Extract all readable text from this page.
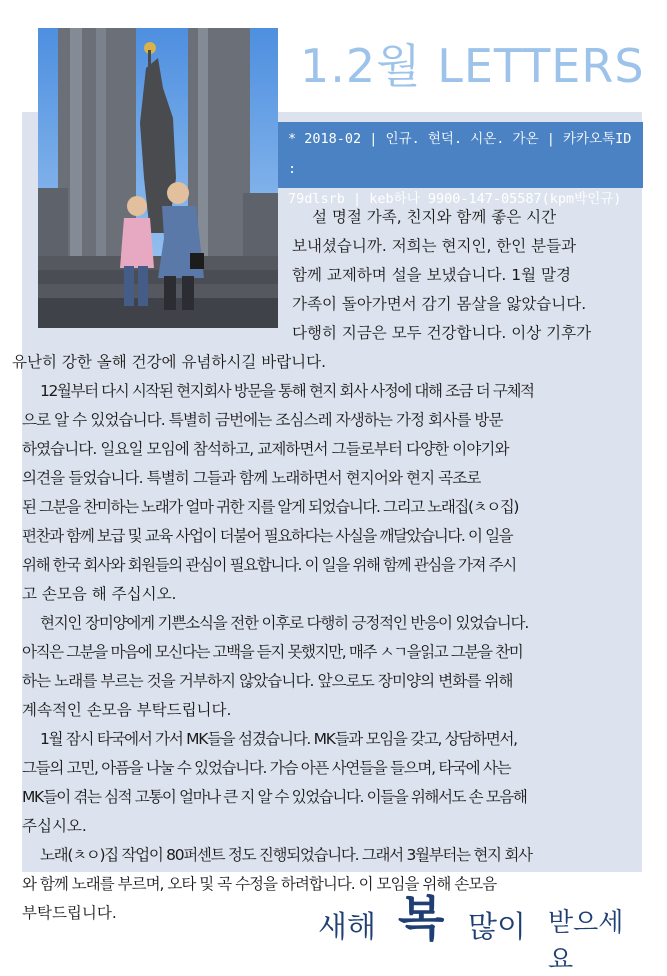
1.2월 LETTERS
* 2018-02 | 인규. 현덕. 시온. 가온 | 카카오톡ID :
79dlsrb | keb하나 9900-147-05587(kpm박인규)
설 명절 가족, 친지와 함께 좋은 시간
보내셨습니까. 저희는 현지인, 한인 분들과
함께 교제하며 설을 보냈습니다. 1월 말경
가족이 돌아가면서 감기 몸살을 앓았습니다.
다행히 지금은 모두 건강합니다. 이상 기후가
유난히 강한 올해 건강에 유념하시길 바랍니다.
12월부터 다시 시작된 현지회사 방문을 통해 현지 회사 사정에 대해 조금 더 구체적
으로 알 수 있었습니다. 특별히 금번에는 조심스레 자생하는 가정 회사를 방문
하였습니다. 일요일 모임에 참석하고, 교제하면서 그들로부터 다양한 이야기와
의견을 들었습니다. 특별히 그들과 함께 노래하면서 현지어와 현지 곡조로
된 그분을 찬미하는 노래가 얼마 귀한 지를 알게 되었습니다. 그리고 노래집(ㅊㅇ집)
편찬과 함께 보급 및 교육 사업이 더불어 필요하다는 사실을 깨달았습니다. 이 일을
위해 한국 회사와 회원들의 관심이 필요합니다. 이 일을 위해 함께 관심을 가져 주시
고 손모음 해 주십시오.
현지인 장미양에게 기쁜소식을 전한 이후로 다행히 긍정적인 반응이 있었습니다.
아직은 그분을 마음에 모신다는 고백을 듣지 못했지만, 매주 ㅅㄱ을읽고 그분을 찬미
하는 노래를 부르는 것을 거부하지 않았습니다. 앞으로도 장미양의 변화를 위해
계속적인 손모음 부탁드립니다.
1월 잠시 타국에서 가서 MK들을 섬겼습니다. MK들과 모임을 갖고, 상담하면서,
그들의 고민, 아픔을 나눌 수 있었습니다. 가슴 아픈 사연들을 들으며, 타국에 사는
MK들이 겪는 심적 고통이 얼마나 큰 지 알 수 있었습니다. 이들을 위해서도 손 모음해
주십시오.
노래(ㅊㅇ)집 작업이 80퍼센트 정도 진행되었습니다. 그래서 3월부터는 현지 회사
와 함께 노래를 부르며, 오타 및 곡 수정을 하려합니다. 이 모임을 위해 손모음
부탁드립니다.	새해 복 많이 받으세요
